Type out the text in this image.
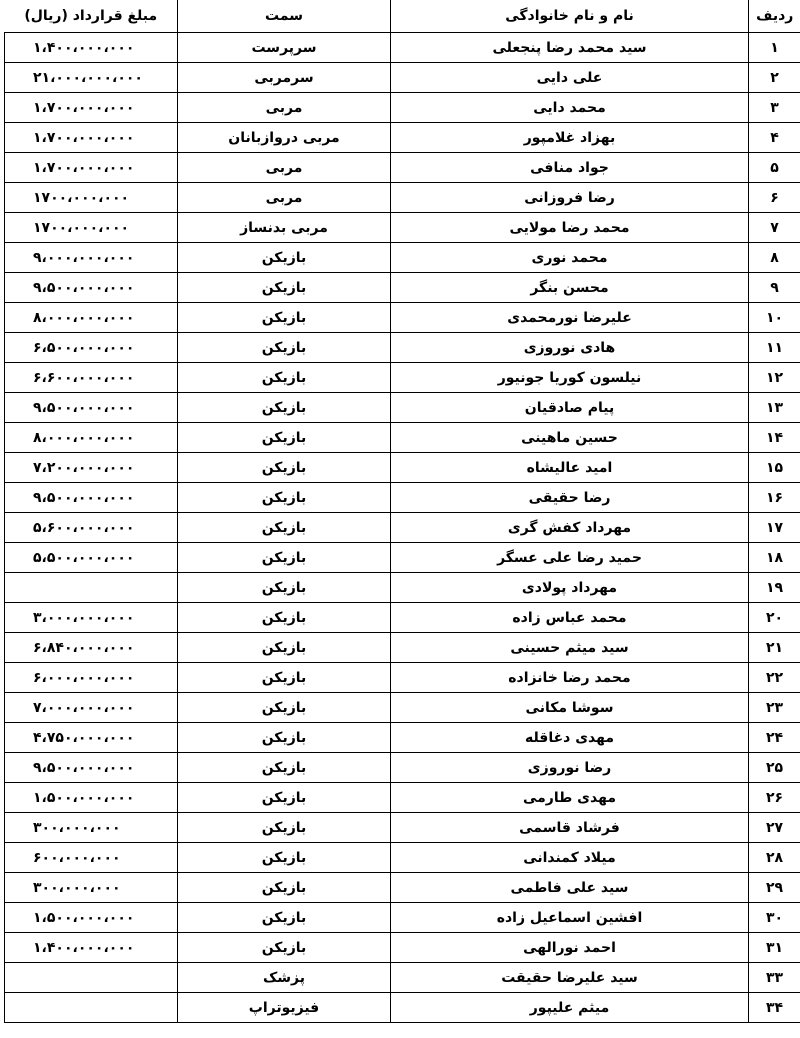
ردیف	نام و نام خانوادگی	سمت	مبلغ قرارداد (ریال)
۱	سید محمد رضا پنجعلی	سرپرست	۱،۴۰۰،۰۰۰،۰۰۰
۲	علی دایی	سرمربی	۲۱،۰۰۰،۰۰۰،۰۰۰
۳	محمد دایی	مربی	۱،۷۰۰،۰۰۰،۰۰۰
۴	بهزاد غلامپور	مربی دروازبانان	۱،۷۰۰،۰۰۰،۰۰۰
۵	جواد منافی	مربی	۱،۷۰۰،۰۰۰،۰۰۰
۶	رضا فروزانی	مربی	۱۷۰۰،۰۰۰،۰۰۰
۷	محمد رضا مولایی	مربی بدنساز	۱۷۰۰،۰۰۰،۰۰۰
۸	محمد نوری	بازیکن	۹،۰۰۰،۰۰۰،۰۰۰
۹	محسن بنگر	بازیکن	۹،۵۰۰،۰۰۰،۰۰۰
۱۰	علیرضا نورمحمدی	بازیکن	۸،۰۰۰،۰۰۰،۰۰۰
۱۱	هادی نوروزی	بازیکن	۶،۵۰۰،۰۰۰،۰۰۰
۱۲	نیلسون کوریا جونیور	بازیکن	۶،۶۰۰،۰۰۰،۰۰۰
۱۳	پیام صادقیان	بازیکن	۹،۵۰۰،۰۰۰،۰۰۰
۱۴	حسین ماهینی	بازیکن	۸،۰۰۰،۰۰۰،۰۰۰
۱۵	امید عالیشاه	بازیکن	۷،۲۰۰،۰۰۰،۰۰۰
۱۶	رضا حقیقی	بازیکن	۹،۵۰۰،۰۰۰،۰۰۰
۱۷	مهرداد کفش گری	بازیکن	۵،۶۰۰،۰۰۰،۰۰۰
۱۸	حمید رضا علی عسگر	بازیکن	۵،۵۰۰،۰۰۰،۰۰۰
۱۹	مهرداد پولادی	بازیکن	
۲۰	محمد عباس زاده	بازیکن	۳،۰۰۰،۰۰۰،۰۰۰
۲۱	سید میثم حسینی	بازیکن	۶،۸۴۰،۰۰۰،۰۰۰
۲۲	محمد رضا خانزاده	بازیکن	۶،۰۰۰،۰۰۰،۰۰۰
۲۳	سوشا مکانی	بازیکن	۷،۰۰۰،۰۰۰،۰۰۰
۲۴	مهدی دغاقله	بازیکن	۴،۷۵۰،۰۰۰،۰۰۰
۲۵	رضا نوروزی	بازیکن	۹،۵۰۰،۰۰۰،۰۰۰
۲۶	مهدی طارمی	بازیکن	۱،۵۰۰،۰۰۰،۰۰۰
۲۷	فرشاد قاسمی	بازیکن	۳۰۰،۰۰۰،۰۰۰
۲۸	میلاد کمندانی	بازیکن	۶۰۰،۰۰۰،۰۰۰
۲۹	سید علی فاطمی	بازیکن	۳۰۰،۰۰۰،۰۰۰
۳۰	افشین اسماعیل زاده	بازیکن	۱،۵۰۰،۰۰۰،۰۰۰
۳۱	احمد نورالهی	بازیکن	۱،۴۰۰،۰۰۰،۰۰۰
۳۳	سید علیرضا حقیقت	پزشک	
۳۴	میثم علیپور	فیزیوتراپ	
